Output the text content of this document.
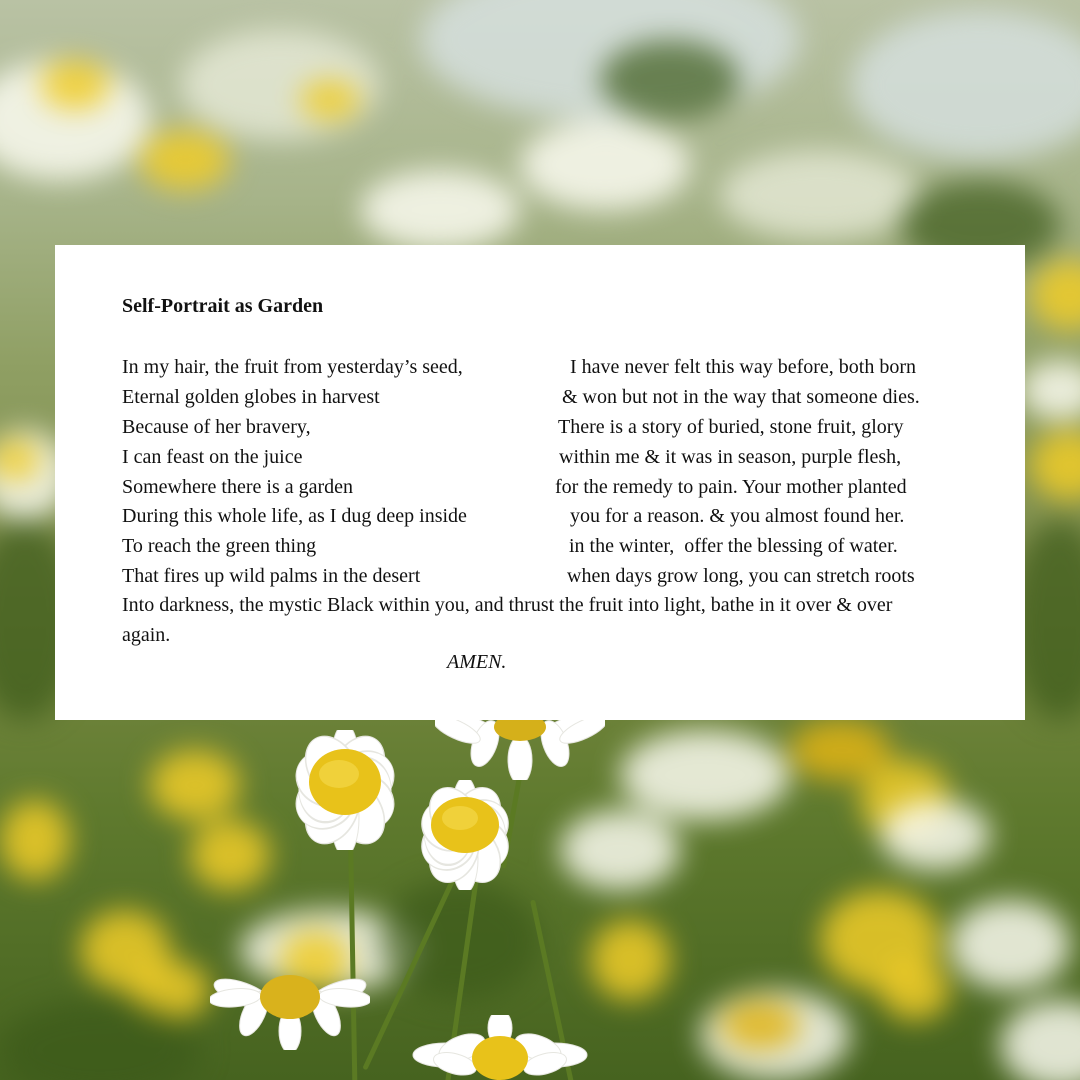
Self-Portrait as Garden
In my hair, the fruit from yesterday’s seed,
Eternal golden globes in harvest
Because of her bravery,
I can feast on the juice
Somewhere there is a garden
During this whole life, as I dug deep inside
To reach the green thing
That fires up wild palms in the desert
I have never felt this way before, both born
& won but not in the way that someone dies.
There is a story of buried, stone fruit, glory
within me & it was in season, purple flesh,
for the remedy to pain. Your mother planted
you for a reason. & you almost found her.
in the winter,  offer the blessing of water.
when days grow long, you can stretch roots
Into darkness, the mystic Black within you, and thrust the fruit into light, bathe in it over & over
again.
AMEN.
